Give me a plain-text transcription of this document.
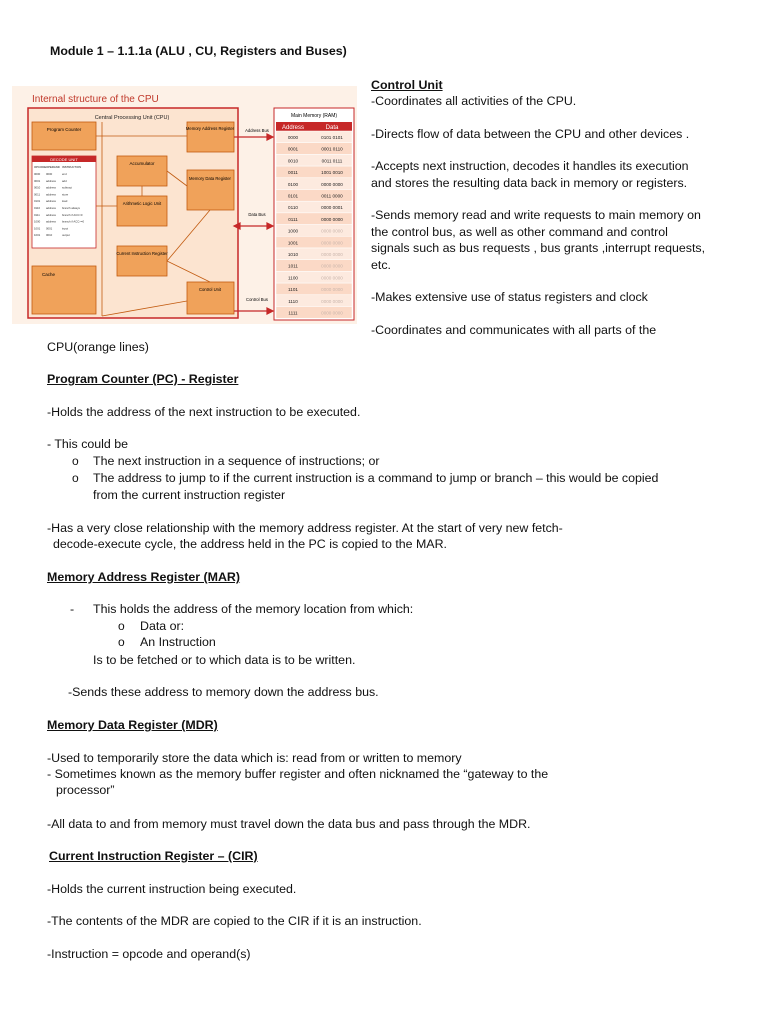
Module 1 – 1.1.1a (ALU , CU, Registers and Buses)
Internal structure of the CPU
Central Processing Unit (CPU)
Program Counter	Memory Address Register
DECODE UNIT
OPCODE OPERAND INSTRUCTION
0000 0000	end
0001 address add
0010 address subtract
0011 address store
0101 address load
0110 address branch always
0111 address branch if ACC=0
1000 address branch if ACC>=0
1001 0001	input
1001 0010	output
Accumulator
Arithmetic Logic Unit
Memory Data Register
Current Instruction Register
Cache
Control Unit
Address Bus
Data Bus
Control Bus
Main Memory (RAM)
Address	Data
0000	0101 0101
0001	0001 0110
0010	0011 0111
0011	1001 0010
0100	0000 0000
0101	0011 0000
0110	0000 0001
0111	0000 0000
1000	0000 0000
1001	0000 0000
1010	0000 0000
1011	0000 0000
1100	0000 0000
1101	0000 0000
1110	0000 0000
1111	0000 0000
Control Unit
-Coordinates all activities of the CPU.
-Directs flow of data between the CPU and other devices .
-Accepts next instruction, decodes it handles its execution
and stores the resulting data back in memory or registers.
-Sends memory read and write requests to main memory on
the control bus, as well as other command and control
signals such as bus requests , bus grants ,interrupt requests,
etc.
-Makes extensive use of status registers and clock
-Coordinates and communicates with all parts of the
CPU(orange lines)
Program Counter (PC) - Register
-Holds the address of the next instruction to be executed.
- This could be
o The next instruction in a sequence of instructions; or
o The address to jump to if the current instruction is a command to jump or branch – this would be copied
from the current instruction register
-Has a very close relationship with the memory address register. At the start of very new fetch-
decode-execute cycle, the address held in the PC is copied to the MAR.
Memory Address Register (MAR)
- This holds the address of the memory location from which:
o Data or:
o An Instruction
Is to be fetched or to which data is to be written.
-Sends these address to memory down the address bus.
Memory Data Register (MDR)
-Used to temporarily store the data which is: read from or written to memory
- Sometimes known as the memory buffer register and often nicknamed the “gateway to the
processor”
-All data to and from memory must travel down the data bus and pass through the MDR.
Current Instruction Register – (CIR)
-Holds the current instruction being executed.
-The contents of the MDR are copied to the CIR if it is an instruction.
-Instruction = opcode and operand(s)
